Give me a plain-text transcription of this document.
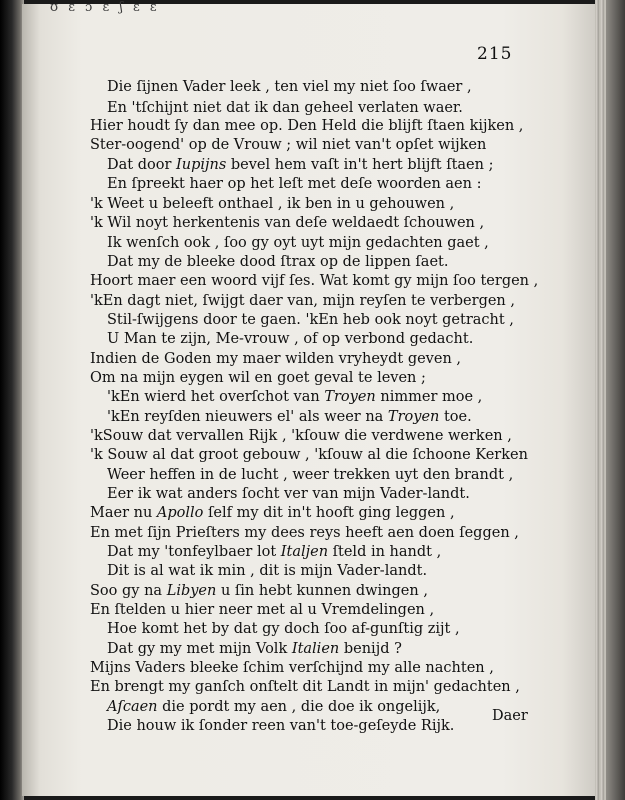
ʊ ɛ ɔ ɛ ʃ ɛ ɛ
215
Die ſijnen Vader leek , ten viel my niet ſoo ſwaer ,
En 'tſchijnt niet dat ik dan geheel verlaten waer.
Hier houdt ſy dan mee op. Den Held die blijft ſtaen kijken ,
Ster-oogend' op de Vrouw ; wil niet van't opſet wijken
Dat door Iupijns bevel hem vaſt in't hert blijft ſtaen ;
En ſpreekt haer op het leſt met deſe woorden aen :
'k Weet u beleeft onthael , ik ben in u gehouwen ,
'k Wil noyt herkentenis van deſe weldaedt ſchouwen ,
Ik wenſch ook , ſoo gy oyt uyt mijn gedachten gaet ,
Dat my de bleeke dood ſtrax op de lippen ſaet.
Hoort maer een woord vijf ſes. Wat komt gy mijn ſoo tergen ,
'kEn dagt niet, ſwijgt daer van, mijn reyſen te verbergen ,
Stil-ſwijgens door te gaen. 'kEn heb ook noyt getracht ,
U Man te zijn, Me-vrouw , of op verbond gedacht.
Indien de Goden my maer wilden vryheydt geven ,
Om na mijn eygen wil en goet geval te leven ;
'kEn wierd het overſchot van Troyen nimmer moe ,
'kEn reyſden nieuwers el' als weer na Troyen toe.
'kSouw dat vervallen Rijk , 'kſouw die verdwene werken ,
'k Souw al dat groot gebouw , 'kſouw al die ſchoone Kerken
Weer heffen in de lucht , weer trekken uyt den brandt ,
Eer ik wat anders ſocht ver van mijn Vader-landt.
Maer nu Apollo ſelf my dit in't hooft ging leggen ,
En met ſijn Prieſters my dees reys heeft aen doen ſeggen ,
Dat my 'tonfeylbaer lot Italjen ſteld in handt ,
Dit is al wat ik min , dit is mijn Vader-landt.
Soo gy na Libyen u ſin hebt kunnen dwingen ,
En ſtelden u hier neer met al u Vremdelingen ,
Hoe komt het by dat gy doch ſoo af-gunſtig zijt ,
Dat gy my met mijn Volk Italien benijd ?
Mijns Vaders bleeke ſchim verſchijnd my alle nachten ,
En brengt my ganſch onſtelt dit Landt in mijn' gedachten ,
Aſcaen die pordt my aen , die doe ik ongelijk,
Die houw ik ſonder reen van't toe-geſeyde Rijk.
Daer
